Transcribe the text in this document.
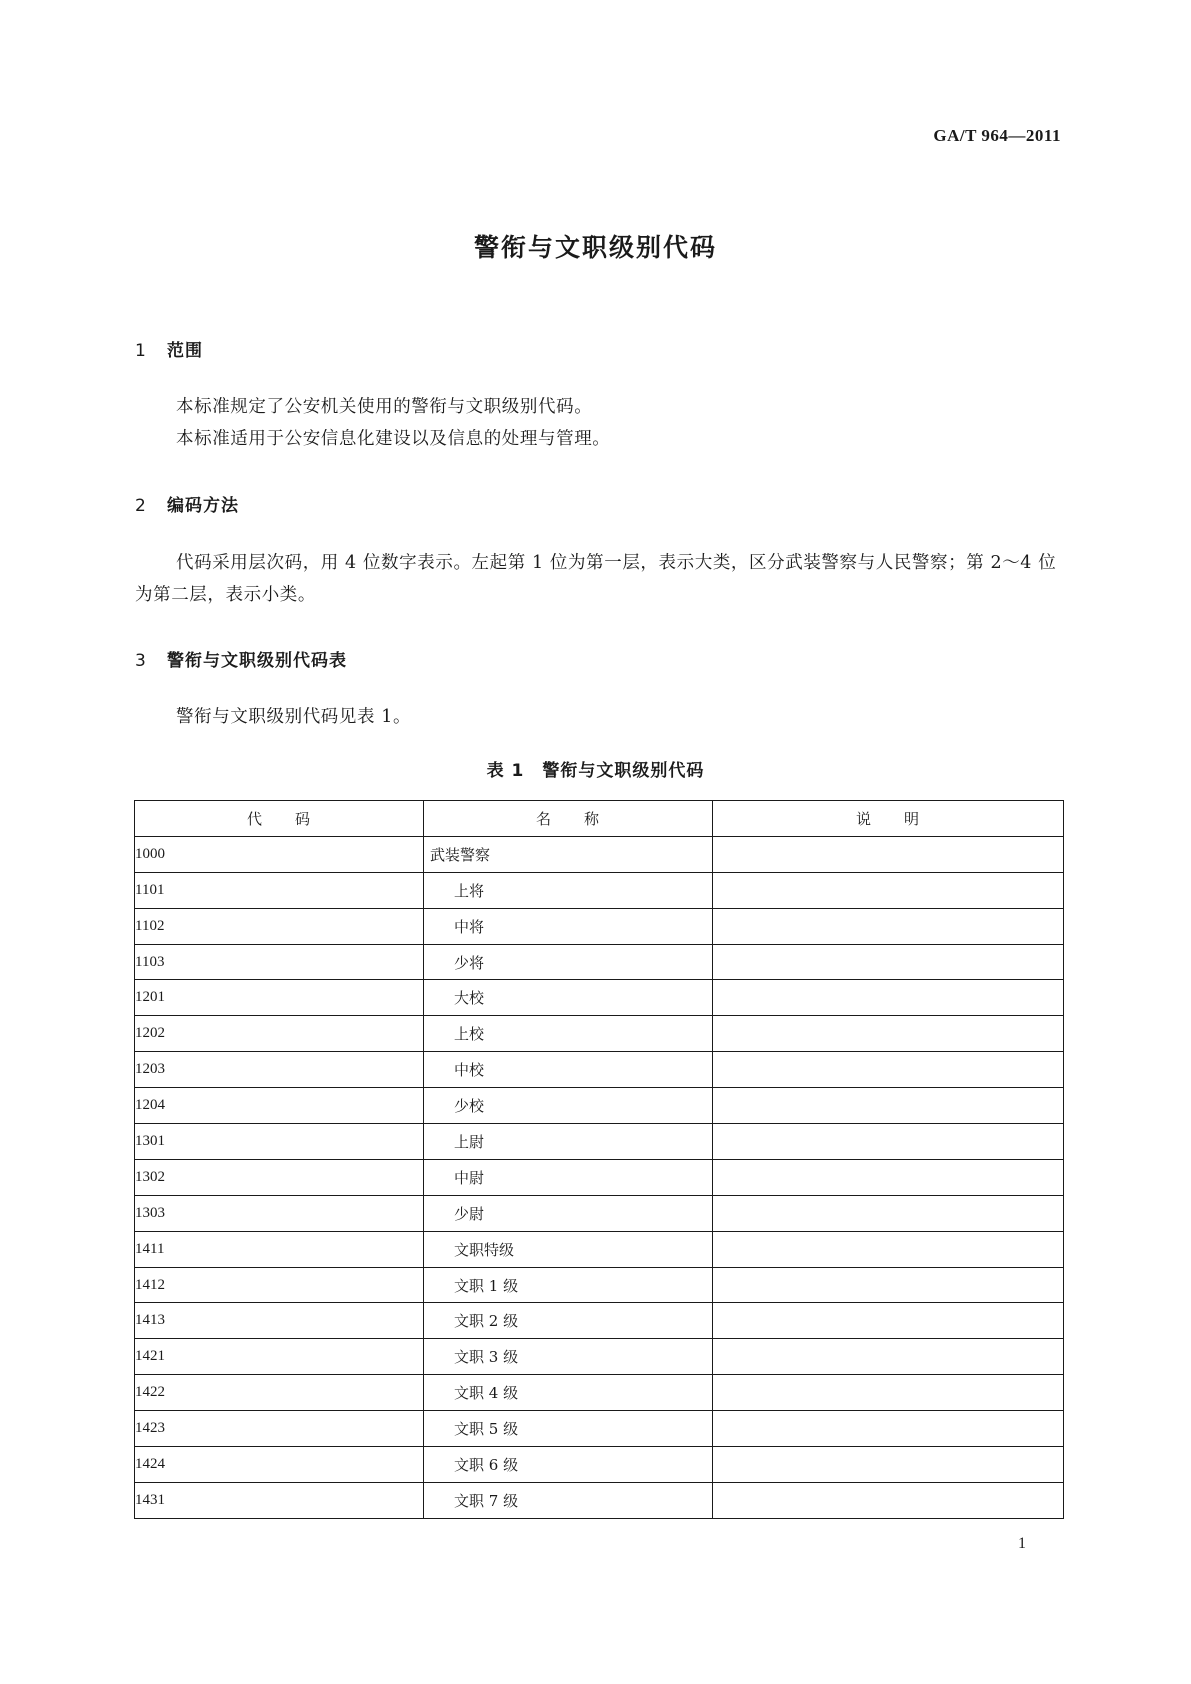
GA/T 964—2011
警衔与文职级别代码
1 范围

本标准规定了公安机关使用的警衔与文职级别代码。

本标准适用于公安信息化建设以及信息的处理与管理。

2 编码方法

代码采用层次码，用 4 位数字表示。左起第 1 位为第一层，表示大类，区分武装警察与人民警察；第 2～4 位为第二层，表示小类。

3 警衔与文职级别代码表

警衔与文职级别代码见表 1。

表 1 警衔与文职级别代码
代　　码	名　　称	说　　明
1000	武装警察	
1101	上将	
1102	中将	
1103	少将	
1201	大校	
1202	上校	
1203	中校	
1204	少校	
1301	上尉	
1302	中尉	
1303	少尉	
1411	文职特级	
1412	文职 1 级	
1413	文职 2 级	
1421	文职 3 级	
1422	文职 4 级	
1423	文职 5 级	
1424	文职 6 级	
1431	文职 7 级	
1
